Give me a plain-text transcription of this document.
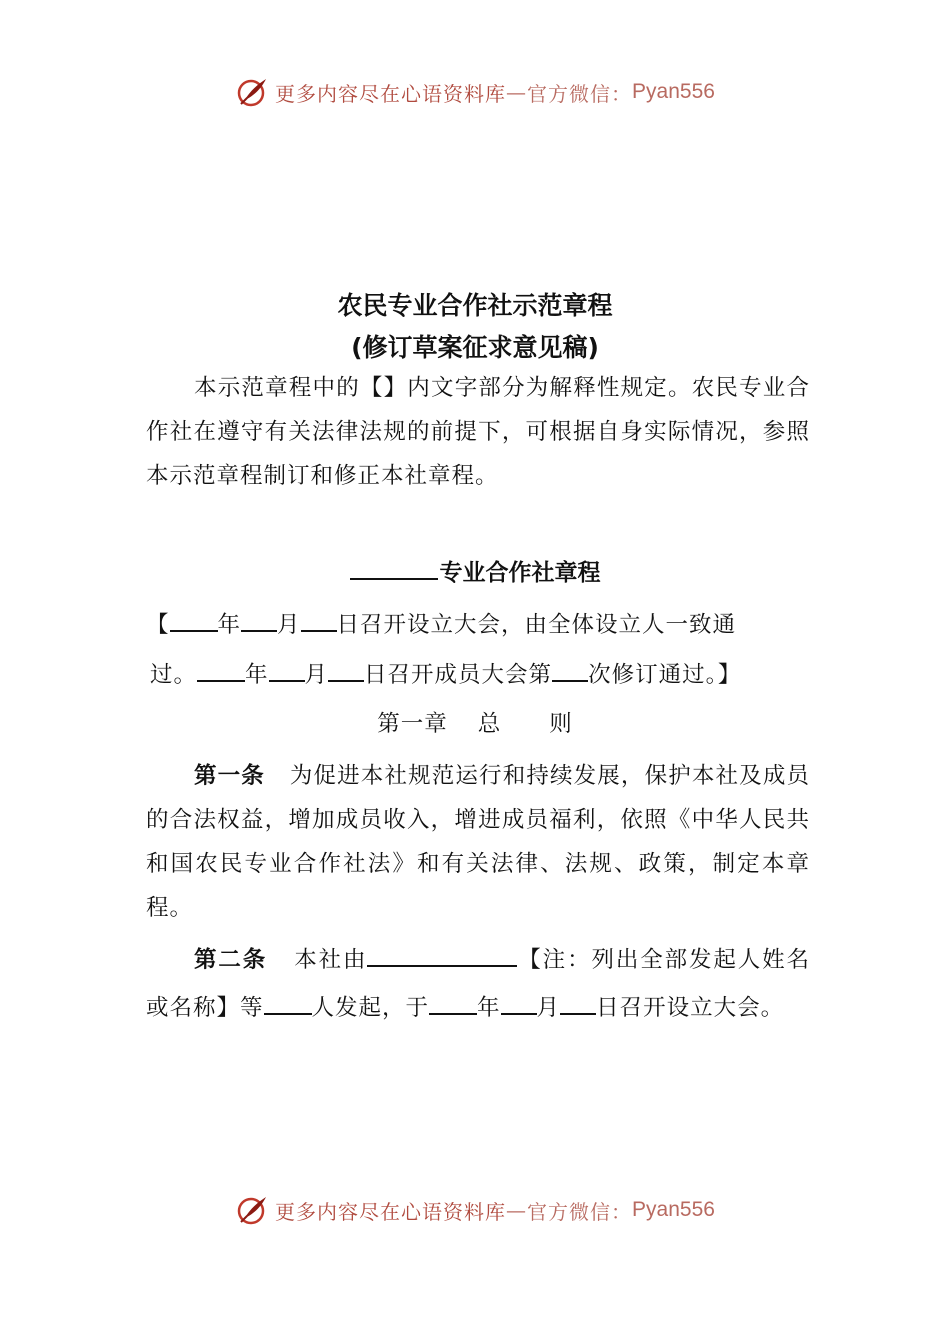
更多内容尽在心语资料库 — 官方微信： Pyan556
农民专业合作社示范章程
(修订草案征求意见稿)

本示范章程中的【】内文字部分为解释性规定。农民专业合作社在遵守有关法律法规的前提下，可根据自身实际情况，参照本示范章程制订和修正本社章程。

专业合作社章程

【 年 月 日召开设立大会，由全体设立人一致通
过。 年 月 日召开成员大会第 次修订通过。】

第一章 总 则

第一条 为促进本社规范运行和持续发展，保护本社及成员的合法权益，增加成员收入，增进成员福利，依照《中华人民共和国农民专业合作社法》和有关法律、法规、政策，制定本章程。

第二条 本社由	【注：列出全部发起人姓名或名称】等 人发起，于 年 月 日召开设立大会。

更多内容尽在心语资料库 — 官方微信： Pyan556
